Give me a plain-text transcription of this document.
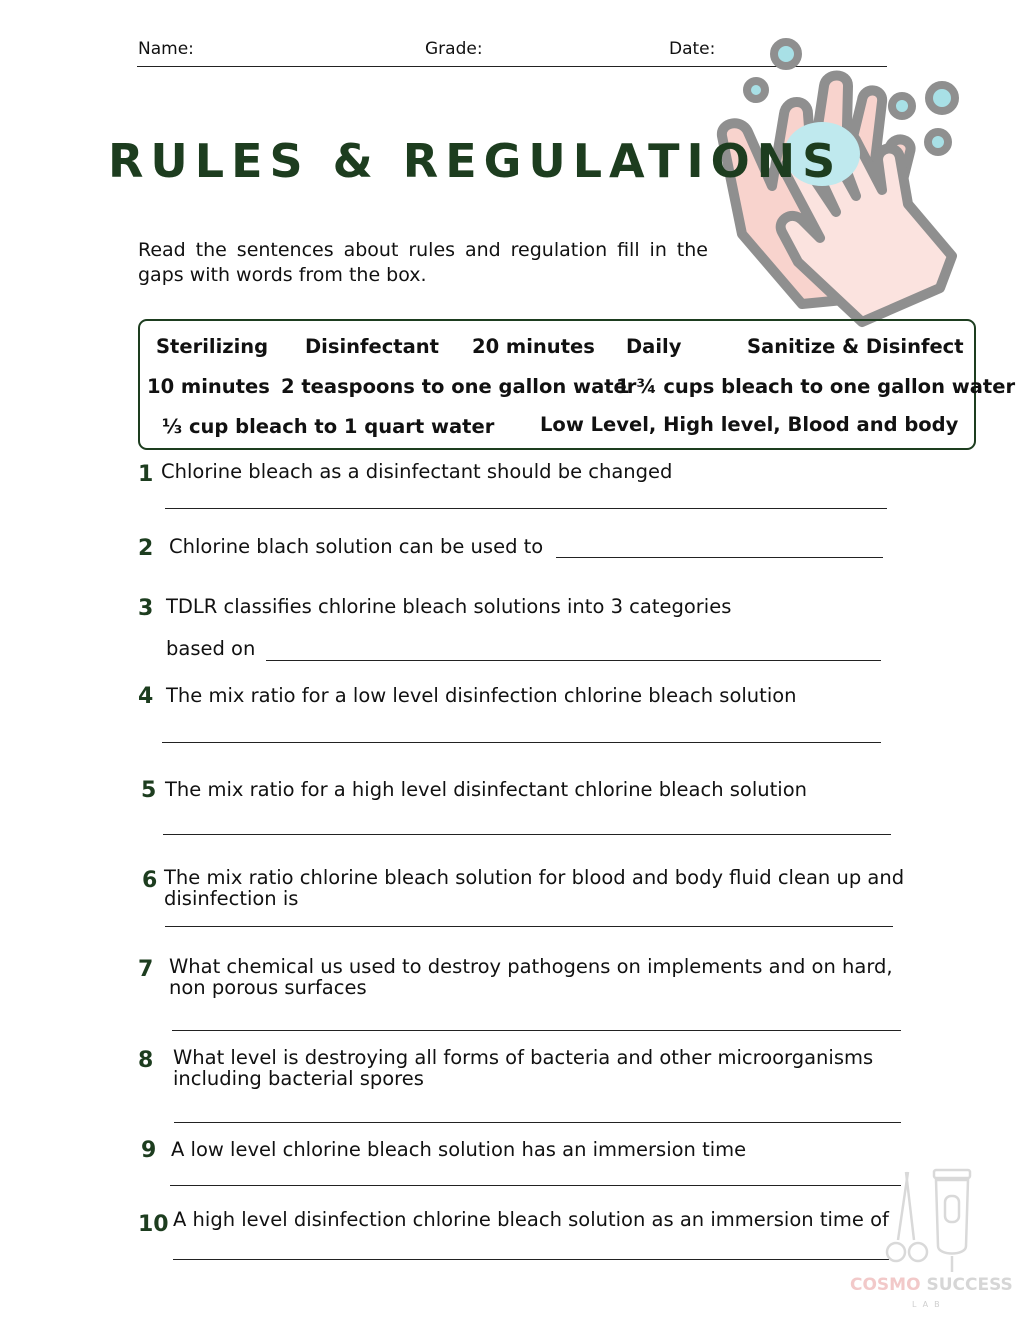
Name:	Grade:	Date:
RULES & REGULATIONS
Read the sentences about rules and regulation fill in the gaps with words from the box.
Sterilizing Disinfectant 20 minutes Daily	Sanitize & Disinfect
10 minutes 2 teaspoons to one gallon water
1 ¾ cups bleach to one gallon water
⅓ cup bleach to 1 quart water Low Level, High level, Blood and body
1 Chlorine bleach as a disinfectant should be changed
2 Chlorine blach solution can be used to
3 TDLR classifies chlorine bleach solutions into 3 categories
based on
4 The mix ratio for a low level disinfection chlorine bleach solution
5 The mix ratio for a high level disinfectant chlorine bleach solution
6 The mix ratio chlorine bleach solution for blood and body fluid clean up and disinfection is
7 What chemical us used to destroy pathogens on implements and on hard, non porous surfaces
8 What level is destroying all forms of bacteria and other microorganisms including bacterial spores
9 A low level chlorine bleach solution has an immersion time
10 A high level disinfection chlorine bleach solution as an immersion time of
COSMO SUCCESS
LAB
